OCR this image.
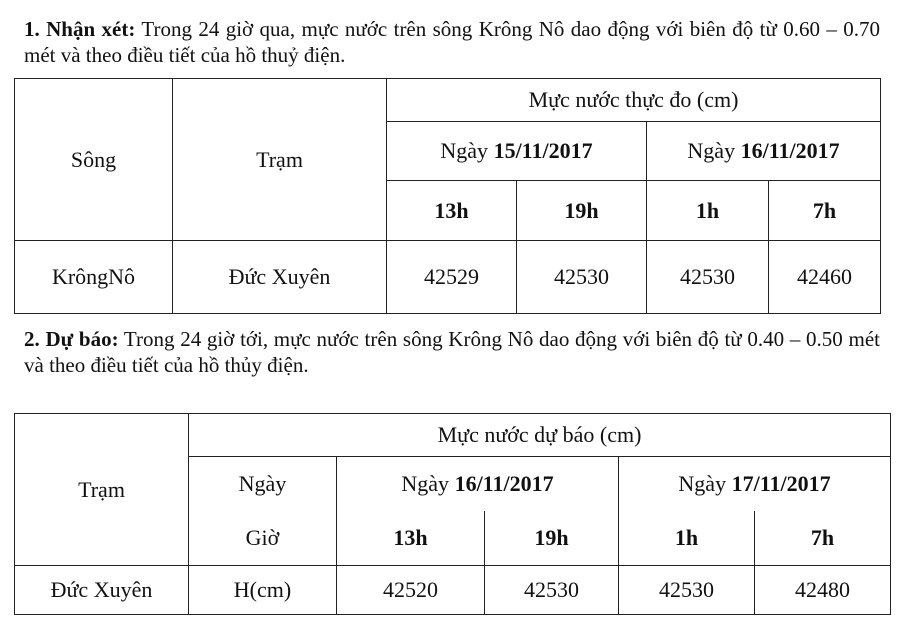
1. Nhận xét: Trong 24 giờ qua, mực nước trên sông Krông Nô dao động với biên độ từ 0.60 – 0.70 mét và theo điều tiết của hồ thuỷ điện.
Sông	Trạm	Mực nước thực đo (cm)			
		Ngày 15/11/2017		Ngày 16/11/2017	
		13h	19h	1h	7h
KrôngNô	Đức Xuyên	42529	42530	42530	42460
2. Dự báo: Trong 24 giờ tới, mực nước trên sông Krông Nô dao động với biên độ từ 0.40 – 0.50 mét và theo điều tiết của hồ thủy điện.
Trạm	Mực nước dự báo (cm)				
	Ngày	Ngày 16/11/2017		Ngày 17/11/2017	
	Giờ	13h	19h	1h	7h
Đức Xuyên	H(cm)	42520	42530	42530	42480
